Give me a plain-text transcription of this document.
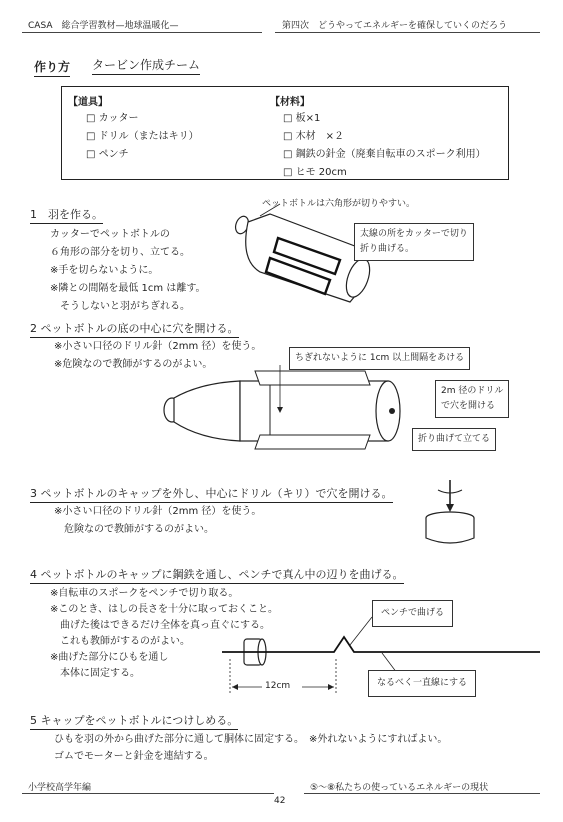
CASA　総合学習教材—地球温暖化—	第四次　どうやってエネルギーを確保していくのだろう
作り方 タービン作成チーム
【道具】
□ カッター
□ ドリル（またはキリ）
□ ペンチ
【材料】
□ 板×1
□ 木材　×２
□ 鋼鉄の針金（廃棄自転車のスポーク利用）
□ ヒモ 20cm
1　羽を作る。
カッターでペットボトルの
６角形の部分を切り、立てる。
※手を切らないように。
※隣との間隔を最低 1cm は離す。
　そうしないと羽がちぎれる。
ペットボトルは六角形が切りやすい。
太線の所をカッターで切り
折り曲げる。
2 ペットボトルの底の中心に穴を開ける。
※小さい口径のドリル針（2mm 径）を使う。
※危険なので教師がするのがよい。
ちぎれないように 1cm 以上間隔をあける
2m 径のドリル
で穴を開ける
折り曲げて立てる
3 ペットボトルのキャップを外し、中心にドリル（キリ）で穴を開ける。
※小さい口径のドリル針（2mm 径）を使う。
　危険なので教師がするのがよい。
4 ペットボトルのキャップに鋼鉄を通し、ペンチで真ん中の辺りを曲げる。
※自転車のスポークをペンチで切り取る。
※このとき、はしの長さを十分に取っておくこと。
　曲げた後はできるだけ全体を真っ直ぐにする。
　これも教師がするのがよい。
※曲げた部分にひもを通し
　本体に固定する。
ペンチで曲げる
12cm	なるべく一直線にする
5 キャップをペットボトルにつけしめる。
ひもを羽の外から曲げた部分に通して胴体に固定する。　※外れないようにすればよい。
ゴムでモーターと針金を連結する。
小学校高学年編	⑤～⑧私たちの使っているエネルギーの現状
42
